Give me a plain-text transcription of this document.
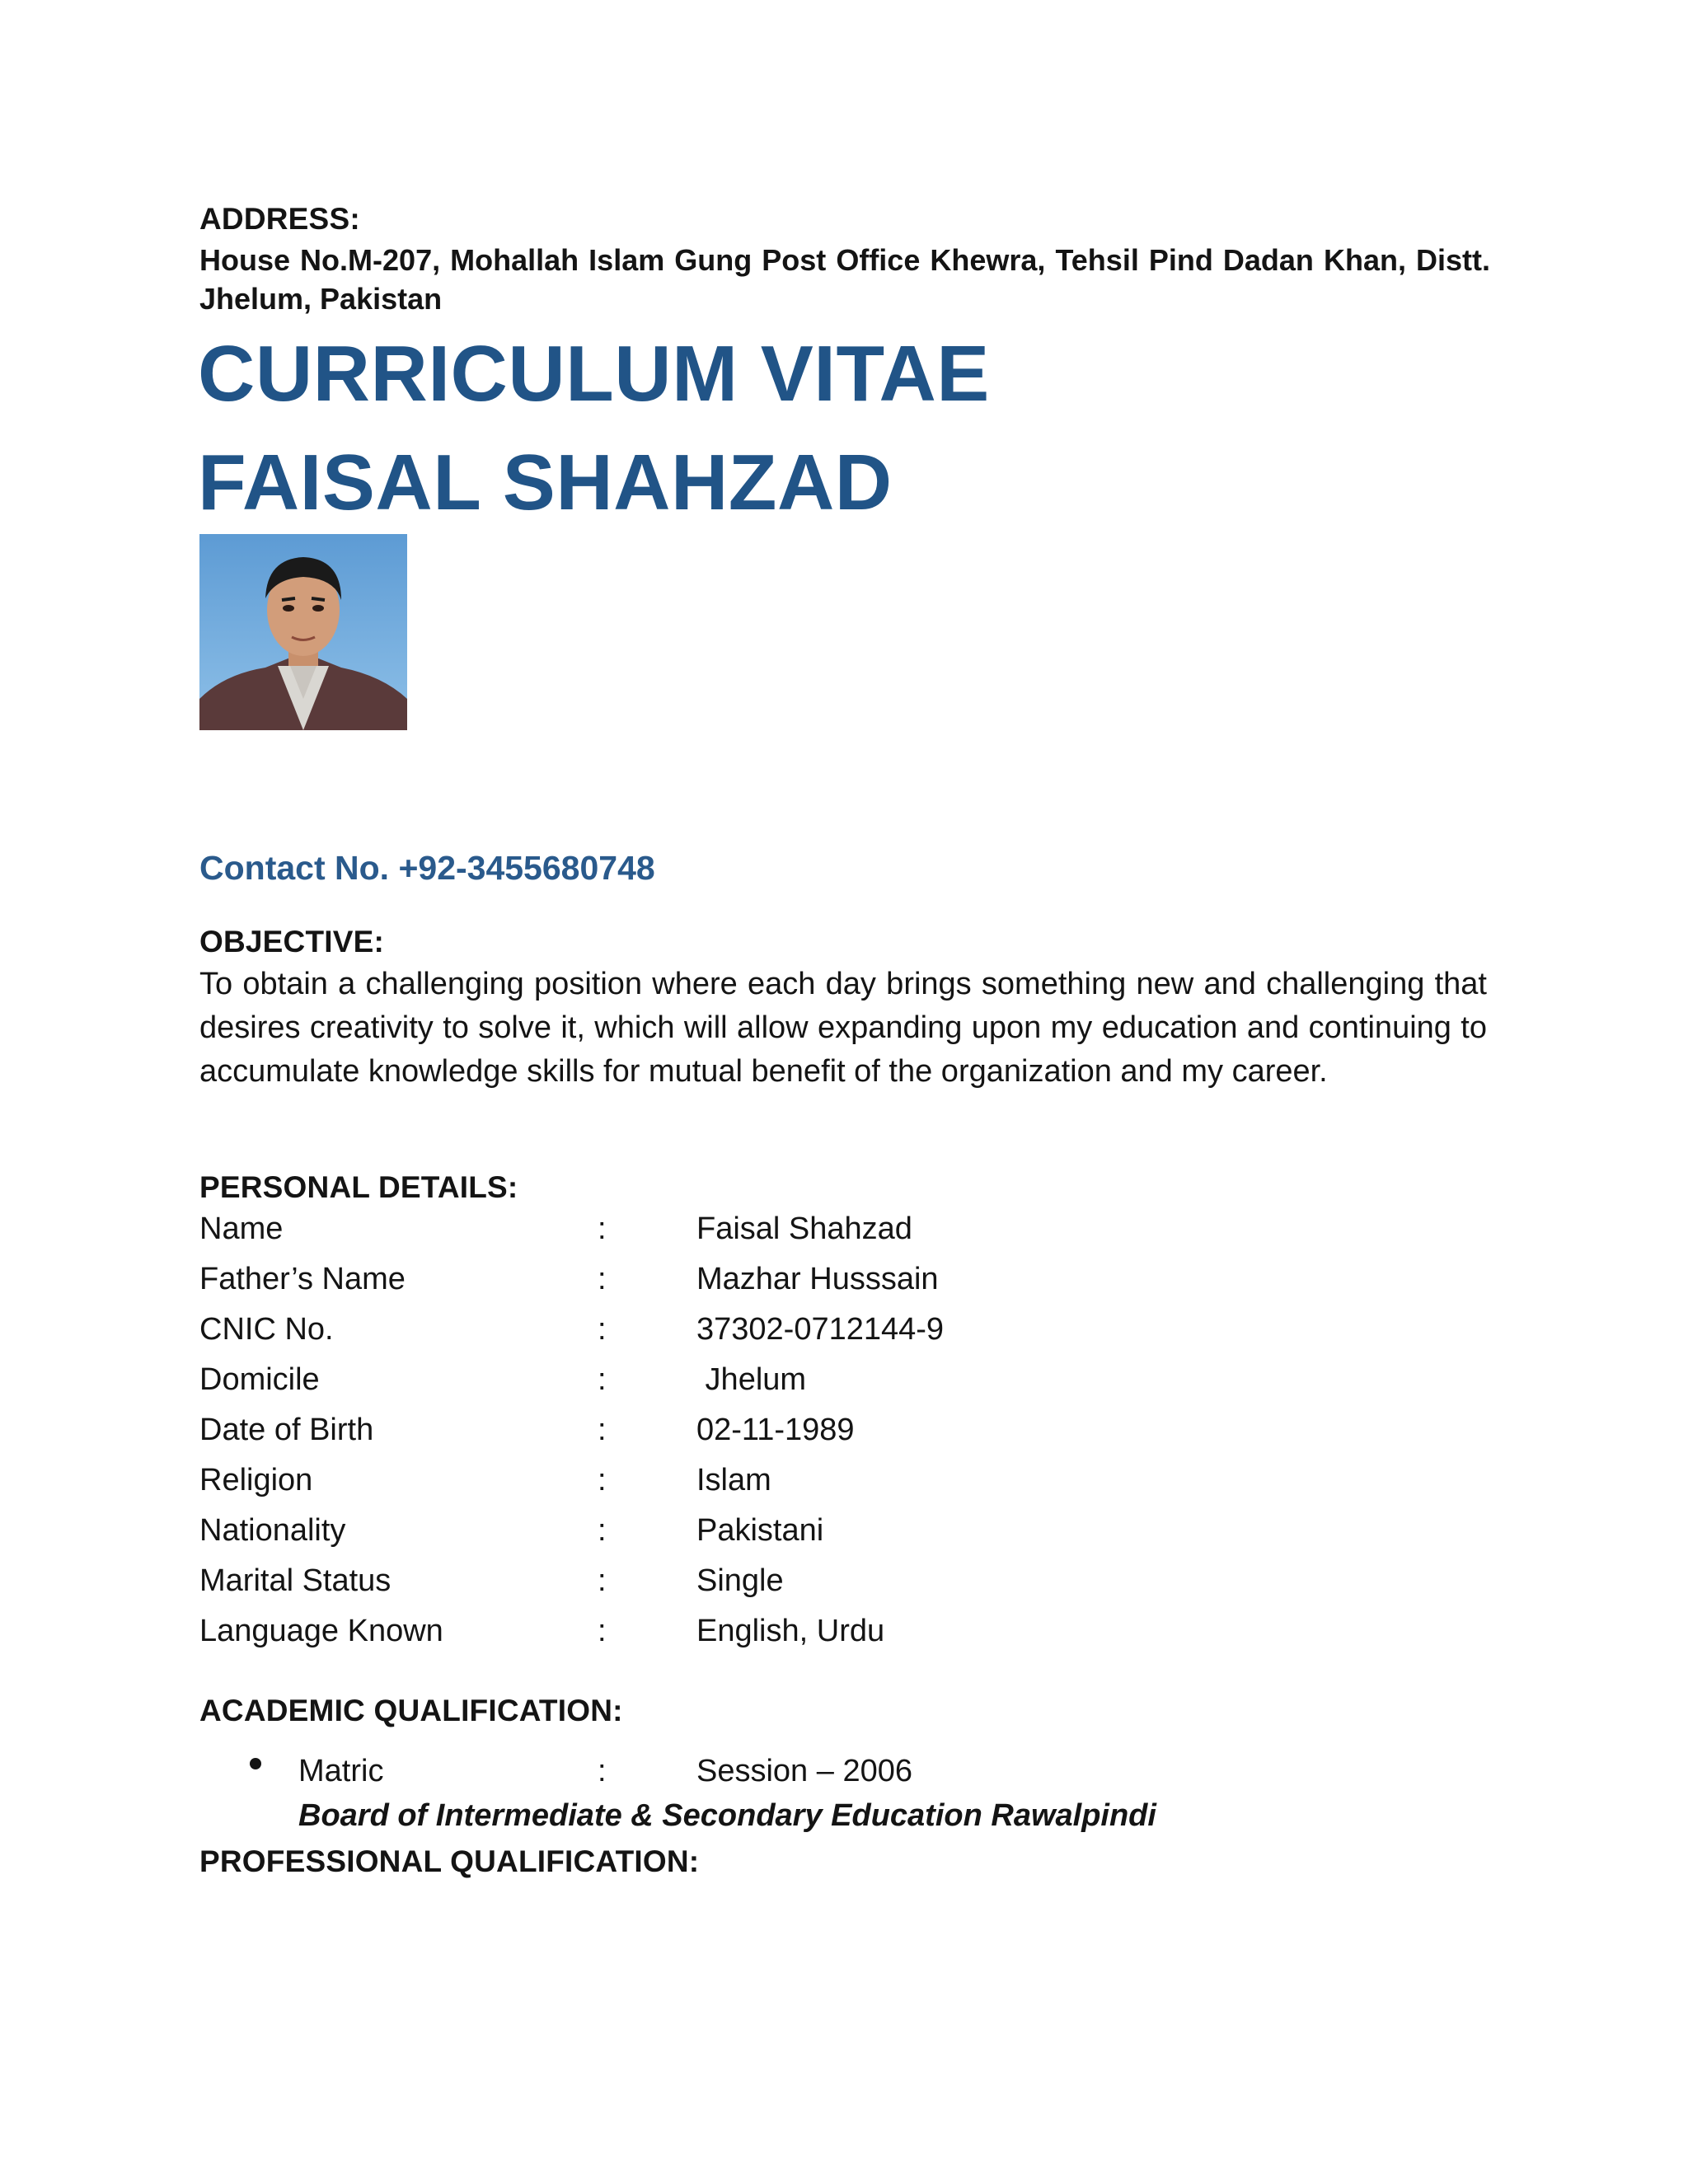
ADDRESS:
House No.M-207, Mohallah Islam Gung Post Office Khewra, Tehsil Pind Dadan Khan, Distt.
Jhelum, Pakistan
CURRICULUM VITAE
FAISAL SHAHZAD
Contact No. +92-3455680748
OBJECTIVE:
To obtain a challenging position where each day brings something new and challenging that desires creativity to solve it, which will allow expanding upon my education and continuing to accumulate knowledge skills for mutual benefit of the organization and my career.
PERSONAL DETAILS:
Name	:	Faisal Shahzad
Father’s Name	:	Mazhar Husssain
CNIC No.	:	37302-0712144-9
Domicile	:	Jhelum
Date of Birth	:	02-11-1989
Religion	:	Islam
Nationality	:	Pakistani
Marital Status	:	Single
Language Known	:	English, Urdu
ACADEMIC QUALIFICATION:
Matric	:	Session – 2006
Board of Intermediate & Secondary Education Rawalpindi
PROFESSIONAL QUALIFICATION:
